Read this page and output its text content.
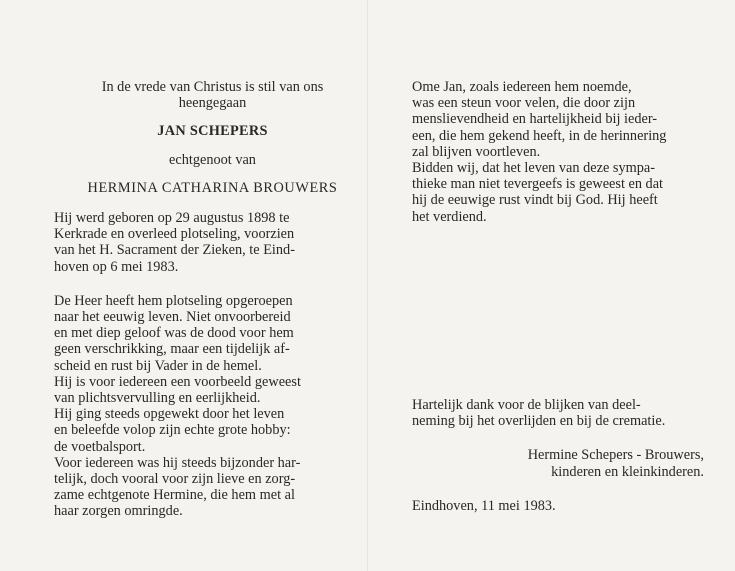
In de vrede van Christus is stil van ons
heengegaan
JAN SCHEPERS
echtgenoot van
HERMINA CATHARINA BROUWERS
Hij werd geboren op 29 augustus 1898 te
Kerkrade en overleed plotseling, voorzien
van het H. Sacrament der Zieken, te Eind-
hoven op 6 mei 1983.
De Heer heeft hem plotseling opgeroepen
naar het eeuwig leven. Niet onvoorbereid
en met diep geloof was de dood voor hem
geen verschrikking, maar een tijdelijk af-
scheid en rust bij Vader in de hemel.
Hij is voor iedereen een voorbeeld geweest
van plichtsvervulling en eerlijkheid.
Hij ging steeds opgewekt door het leven
en beleefde volop zijn echte grote hobby:
de voetbalsport.
Voor iedereen was hij steeds bijzonder har-
telijk, doch vooral voor zijn lieve en zorg-
zame echtgenote Hermine, die hem met al
haar zorgen omringde.
Ome Jan, zoals iedereen hem noemde,
was een steun voor velen, die door zijn
menslievendheid en hartelijkheid bij ieder-
een, die hem gekend heeft, in de herinnering
zal blijven voortleven.
Bidden wij, dat het leven van deze sympa-
thieke man niet tevergeefs is geweest en dat
hij de eeuwige rust vindt bij God. Hij heeft
het verdiend.
Hartelijk dank voor de blijken van deel-
neming bij het overlijden en bij de crematie.
Hermine Schepers - Brouwers,
kinderen en kleinkinderen.
Eindhoven, 11 mei 1983.
